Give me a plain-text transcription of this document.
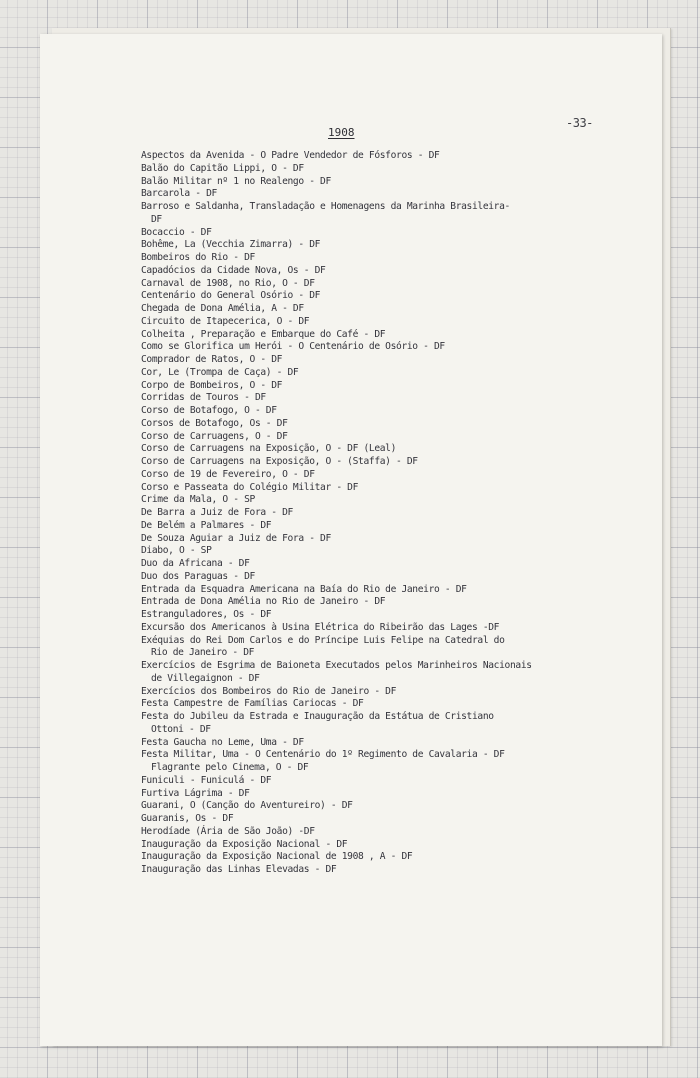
-33-
1908
Aspectos da Avenida - O Padre Vendedor de Fósforos - DF
Balão do Capitão Lippi, O - DF
Balão Militar nº 1 no Realengo - DF
Barcarola - DF
Barroso e Saldanha, Transladação e Homenagens da Marinha Brasileira-
DF
Bocaccio - DF
Bohême, La (Vecchia Zimarra) - DF
Bombeiros do Rio - DF
Capadócios da Cidade Nova, Os - DF
Carnaval de 1908, no Rio, O - DF
Centenário do General Osório - DF
Chegada de Dona Amélia, A - DF
Circuito de Itapecerica, O - DF
Colheita , Preparação e Embarque do Café - DF
Como se Glorifica um Herói - O Centenário de Osório - DF
Comprador de Ratos, O - DF
Cor, Le (Trompa de Caça) - DF
Corpo de Bombeiros, O - DF
Corridas de Touros - DF
Corso de Botafogo, O - DF
Corsos de Botafogo, Os - DF
Corso de Carruagens, O - DF
Corso de Carruagens na Exposição, O - DF (Leal)
Corso de Carruagens na Exposição, O - (Staffa) - DF
Corso de 19 de Fevereiro, O - DF
Corso e Passeata do Colégio Militar - DF
Crime da Mala, O - SP
De Barra a Juiz de Fora - DF
De Belém a Palmares - DF
De Souza Aguiar a Juiz de Fora - DF
Diabo, O - SP
Duo da Africana - DF
Duo dos Paraguas - DF
Entrada da Esquadra Americana na Baía do Rio de Janeiro - DF
Entrada de Dona Amélia no Rio de Janeiro - DF
Estranguladores, Os - DF
Excursão dos Americanos à Usina Elétrica do Ribeirão das Lages -DF
Exéquias do Rei Dom Carlos e do Príncipe Luis Felipe na Catedral do
Rio de Janeiro - DF
Exercícios de Esgrima de Baioneta Executados pelos Marinheiros Nacionais
de Villegaignon - DF
Exercícios dos Bombeiros do Rio de Janeiro - DF
Festa Campestre de Famílias Cariocas - DF
Festa do Jubileu da Estrada e Inauguração da Estátua de Cristiano
Ottoni - DF
Festa Gaucha no Leme, Uma - DF
Festa Militar, Uma - O Centenário do 1º Regimento de Cavalaria - DF
Flagrante pelo Cinema, O - DF
Funiculi - Funiculá - DF
Furtiva Lágrima - DF
Guarani, O (Canção do Aventureiro) - DF
Guaranis, Os - DF
Herodíade (Ária de São João) -DF
Inauguração da Exposição Nacional - DF
Inauguração da Exposição Nacional de 1908 , A - DF
Inauguração das Linhas Elevadas - DF
